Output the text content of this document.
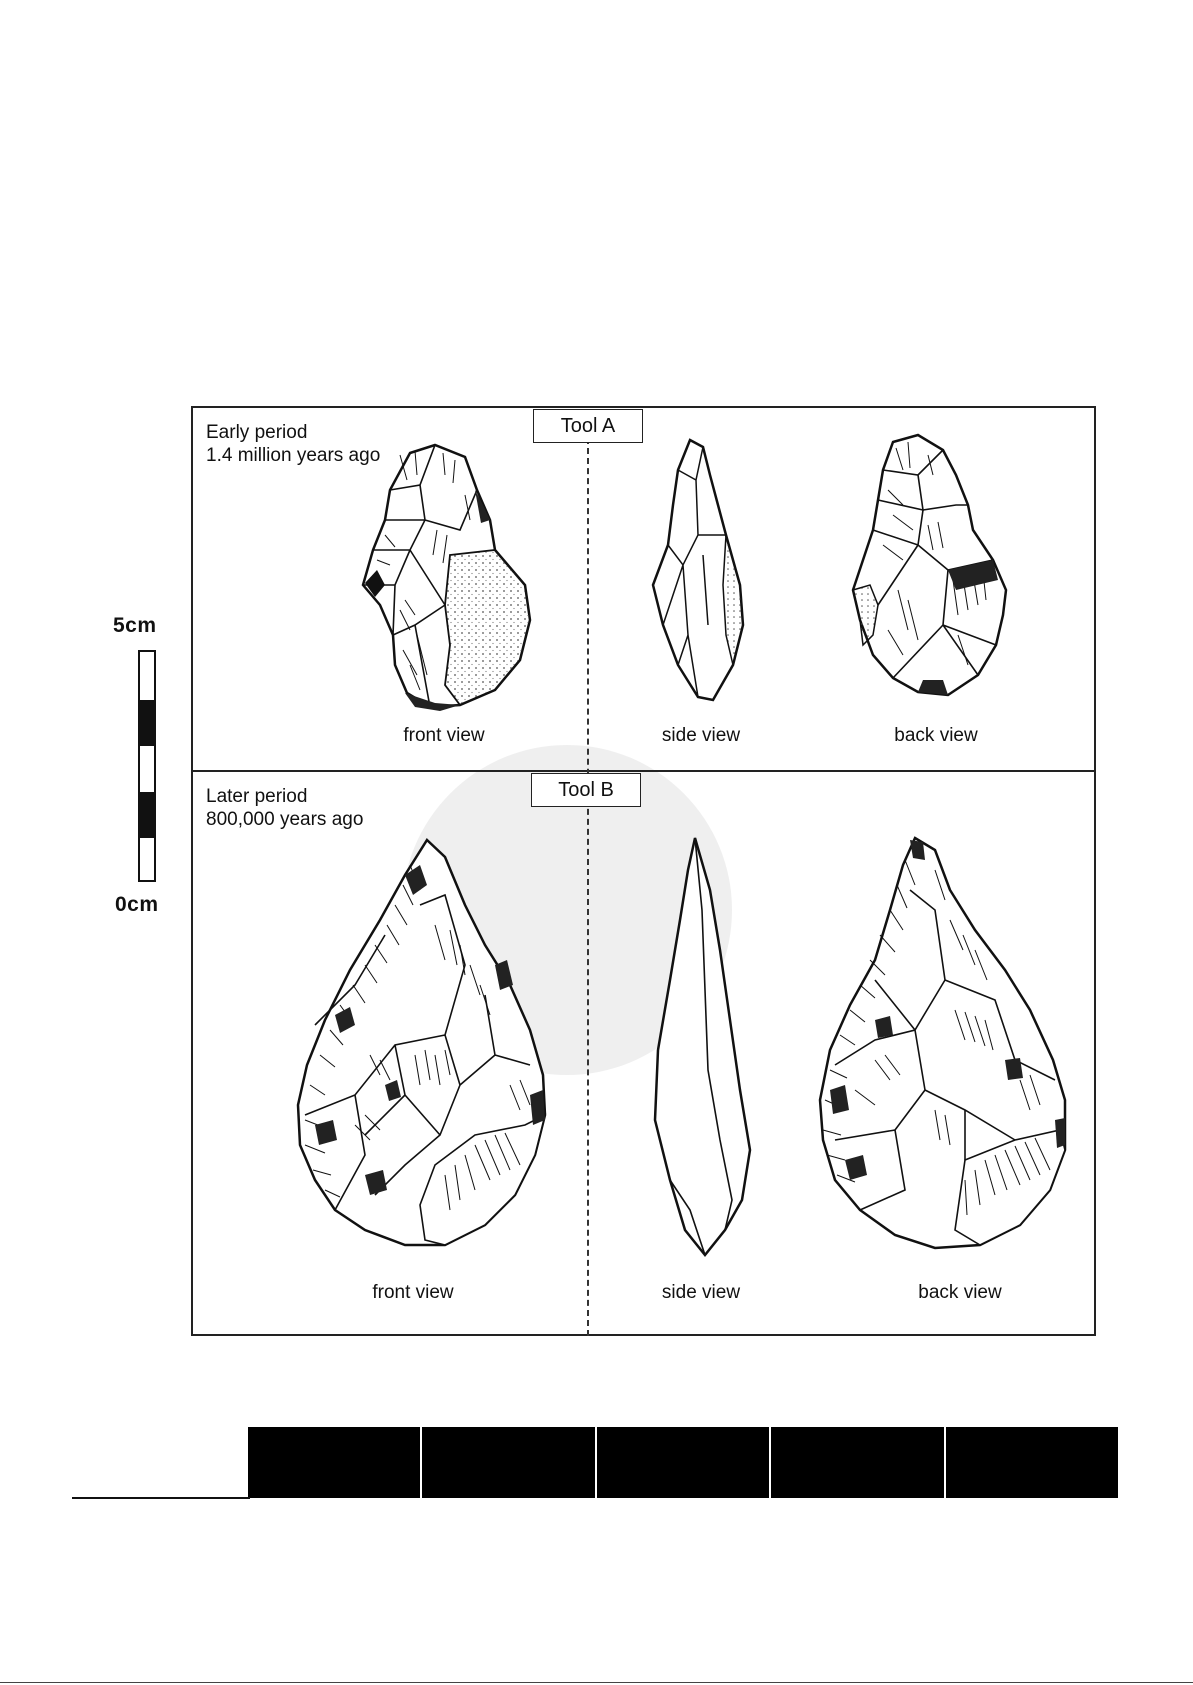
5cm
0cm
Tool A
Early period
1.4 million years ago
front view	side view	back view
Tool B
Later period
800,000 years ago
front view	side view	back view
